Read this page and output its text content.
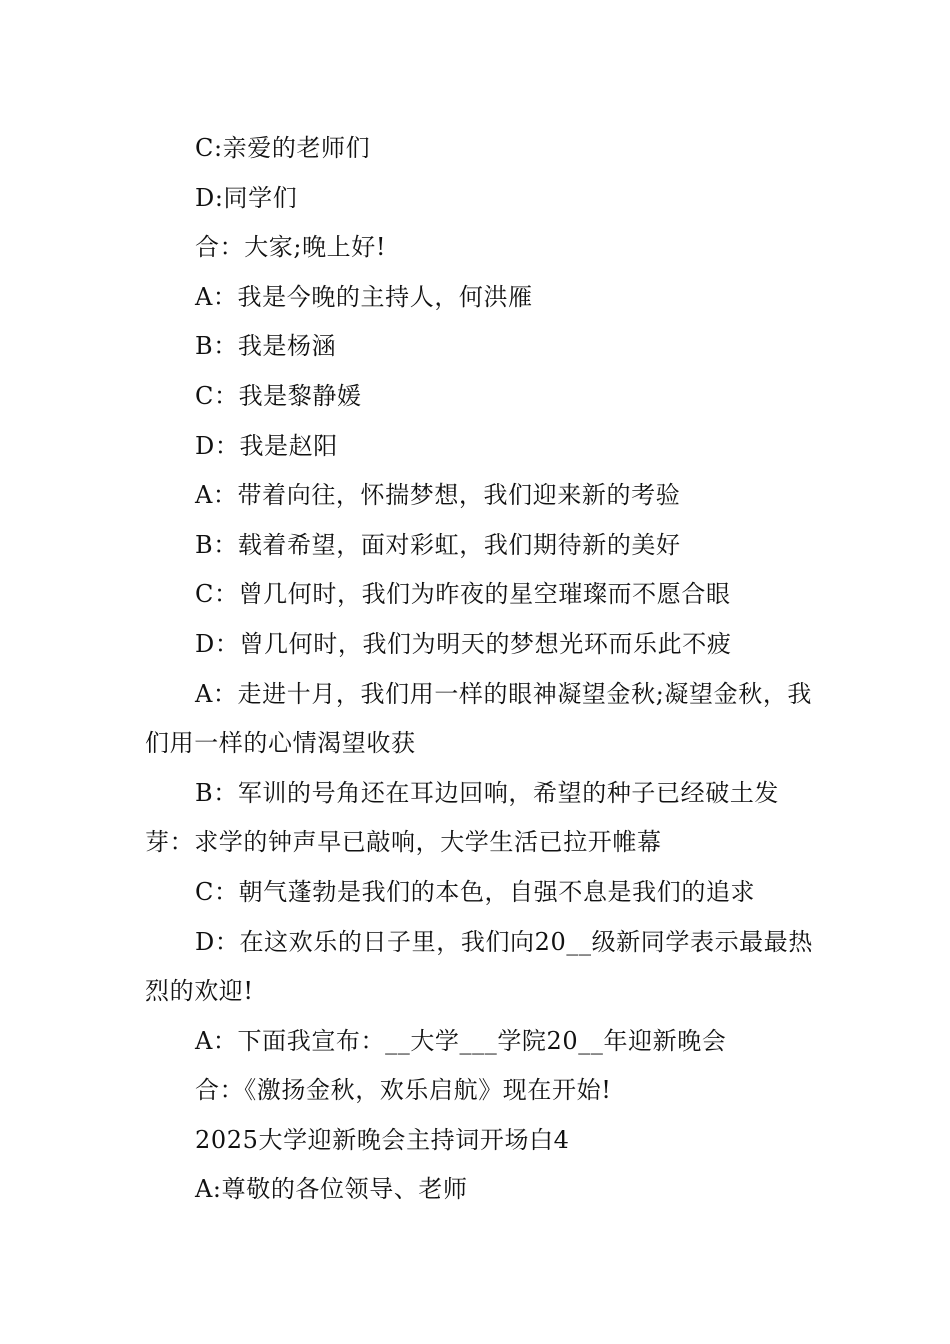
C:亲爱的老师们

D:同学们

合：大家;晚上好!

A：我是今晚的主持人，何洪雁

B：我是杨涵

C：我是黎静媛

D：我是赵阳

A：带着向往，怀揣梦想，我们迎来新的考验

B：载着希望，面对彩虹，我们期待新的美好

C：曾几何时，我们为昨夜的星空璀璨而不愿合眼

D：曾几何时，我们为明天的梦想光环而乐此不疲

A：走进十月，我们用一样的眼神凝望金秋;凝望金秋，我们用一样的心情渴望收获

B：军训的号角还在耳边回响，希望的种子已经破土发芽：求学的钟声早已敲响，大学生活已拉开帷幕

C：朝气蓬勃是我们的本色，自强不息是我们的追求

D：在这欢乐的日子里，我们向20__级新同学表示最最热烈的欢迎!

A：下面我宣布：__大学___学院20__年迎新晚会

合：《激扬金秋，欢乐启航》现在开始!

2025大学迎新晚会主持词开场白4

A:尊敬的各位领导、老师
